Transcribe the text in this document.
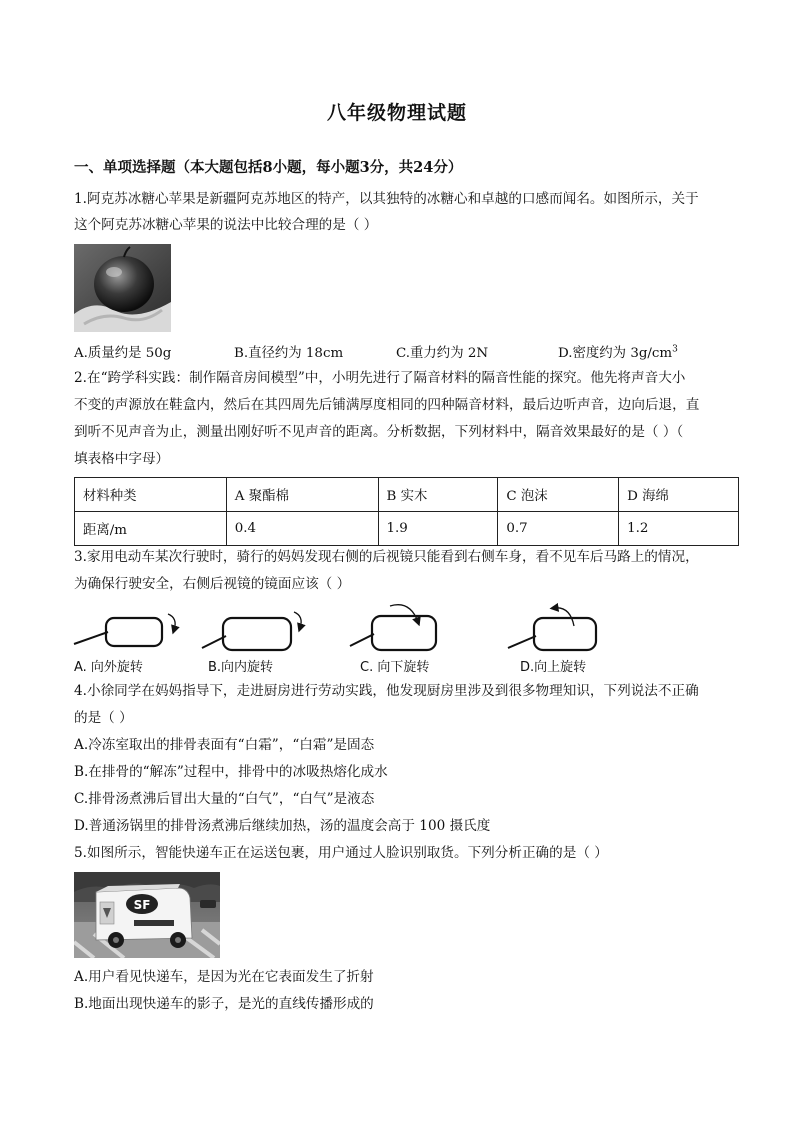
八年级物理试题
一、单项选择题（本大题包括8小题，每小题3分，共24分）
1.阿克苏冰糖心苹果是新疆阿克苏地区的特产，以其独特的冰糖心和卓越的口感而闻名。如图所示，关于
这个阿克苏冰糖心苹果的说法中比较合理的是（ ）
A.质量约是 50g	B.直径约为 18cm	C.重力约为 2N	D.密度约为 $3g/cm^3$
2.在“跨学科实践：制作隔音房间模型”中，小明先进行了隔音材料的隔音性能的探究。他先将声音大小
不变的声源放在鞋盒内，然后在其四周先后铺满厚度相同的四种隔音材料，最后边听声音，边向后退，直
到听不见声音为止，测量出刚好听不见声音的距离。分析数据，下列材料中，隔音效果最好的是（ ）（
填表格中字母）
材料种类	A 聚酯棉	B 实木	C 泡沫	D 海绵
距离/m	0.4	1.9	0.7	1.2
3.家用电动车某次行驶时，骑行的妈妈发现右侧的后视镜只能看到右侧车身，看不见车后马路上的情况，
为确保行驶安全，右侧后视镜的镜面应该（ ）
A. 向外旋转	B.向内旋转	C. 向下旋转	D.向上旋转
4.小徐同学在妈妈指导下，走进厨房进行劳动实践，他发现厨房里涉及到很多物理知识，下列说法不正确
的是（ ）
A.冷冻室取出的排骨表面有“白霜”，“白霜”是固态
B.在排骨的“解冻”过程中，排骨中的冰吸热熔化成水
C.排骨汤煮沸后冒出大量的“白气”，“白气”是液态
D.普通汤锅里的排骨汤煮沸后继续加热，汤的温度会高于 100 摄氏度
5.如图所示，智能快递车正在运送包裹，用户通过人脸识别取货。下列分析正确的是（ ）
SF
A.用户看见快递车，是因为光在它表面发生了折射
B.地面出现快递车的影子，是光的直线传播形成的
